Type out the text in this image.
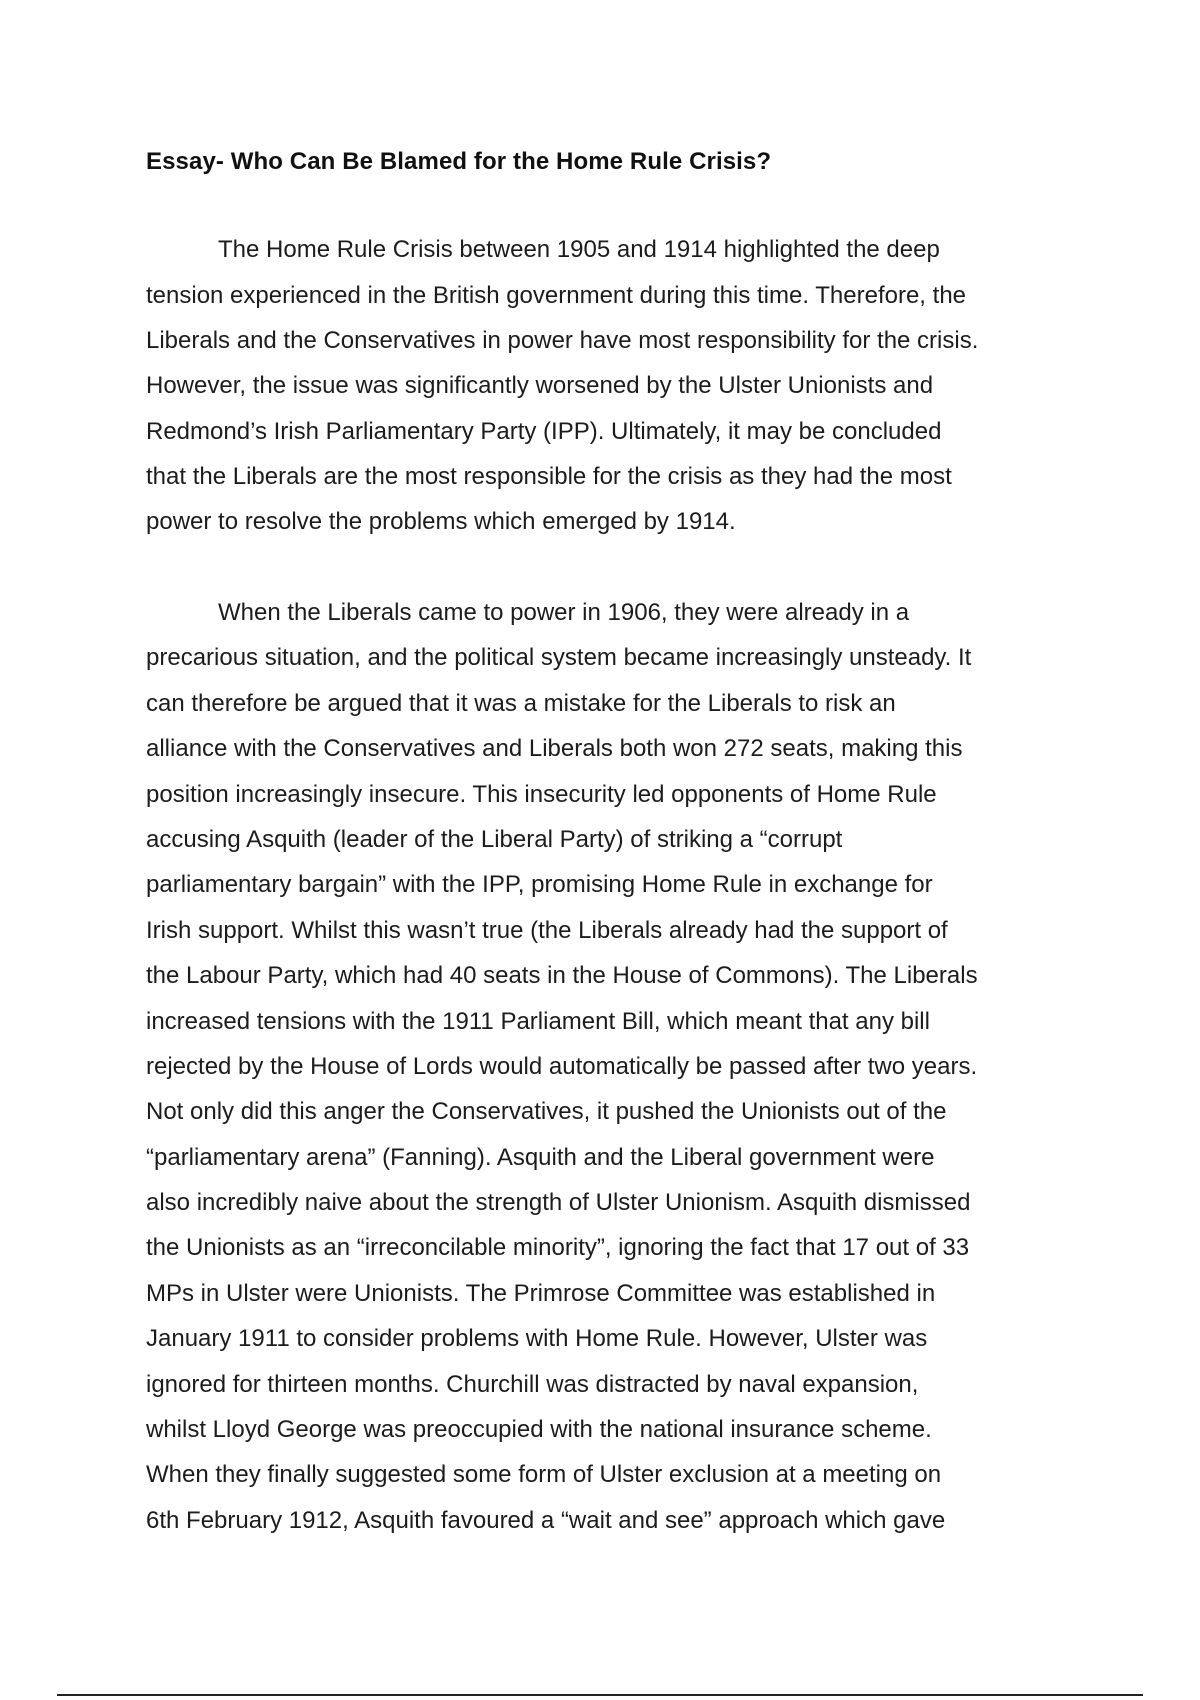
Essay- Who Can Be Blamed for the Home Rule Crisis?

The Home Rule Crisis between 1905 and 1914 highlighted the deep

tension experienced in the British government during this time. Therefore, the

Liberals and the Conservatives in power have most responsibility for the crisis.

However, the issue was significantly worsened by the Ulster Unionists and

Redmond’s Irish Parliamentary Party (IPP). Ultimately, it may be concluded

that the Liberals are the most responsible for the crisis as they had the most

power to resolve the problems which emerged by 1914.

When the Liberals came to power in 1906, they were already in a

precarious situation, and the political system became increasingly unsteady. It

can therefore be argued that it was a mistake for the Liberals to risk an

alliance with the Conservatives and Liberals both won 272 seats, making this

position increasingly insecure. This insecurity led opponents of Home Rule

accusing Asquith (leader of the Liberal Party) of striking a “corrupt

parliamentary bargain” with the IPP, promising Home Rule in exchange for

Irish support. Whilst this wasn’t true (the Liberals already had the support of

the Labour Party, which had 40 seats in the House of Commons). The Liberals

increased tensions with the 1911 Parliament Bill, which meant that any bill

rejected by the House of Lords would automatically be passed after two years.

Not only did this anger the Conservatives, it pushed the Unionists out of the

“parliamentary arena” (Fanning). Asquith and the Liberal government were

also incredibly naive about the strength of Ulster Unionism. Asquith dismissed

the Unionists as an “irreconcilable minority”, ignoring the fact that 17 out of 33

MPs in Ulster were Unionists. The Primrose Committee was established in

January 1911 to consider problems with Home Rule. However, Ulster was

ignored for thirteen months. Churchill was distracted by naval expansion,

whilst Lloyd George was preoccupied with the national insurance scheme.

When they finally suggested some form of Ulster exclusion at a meeting on

6th February 1912, Asquith favoured a “wait and see” approach which gave
